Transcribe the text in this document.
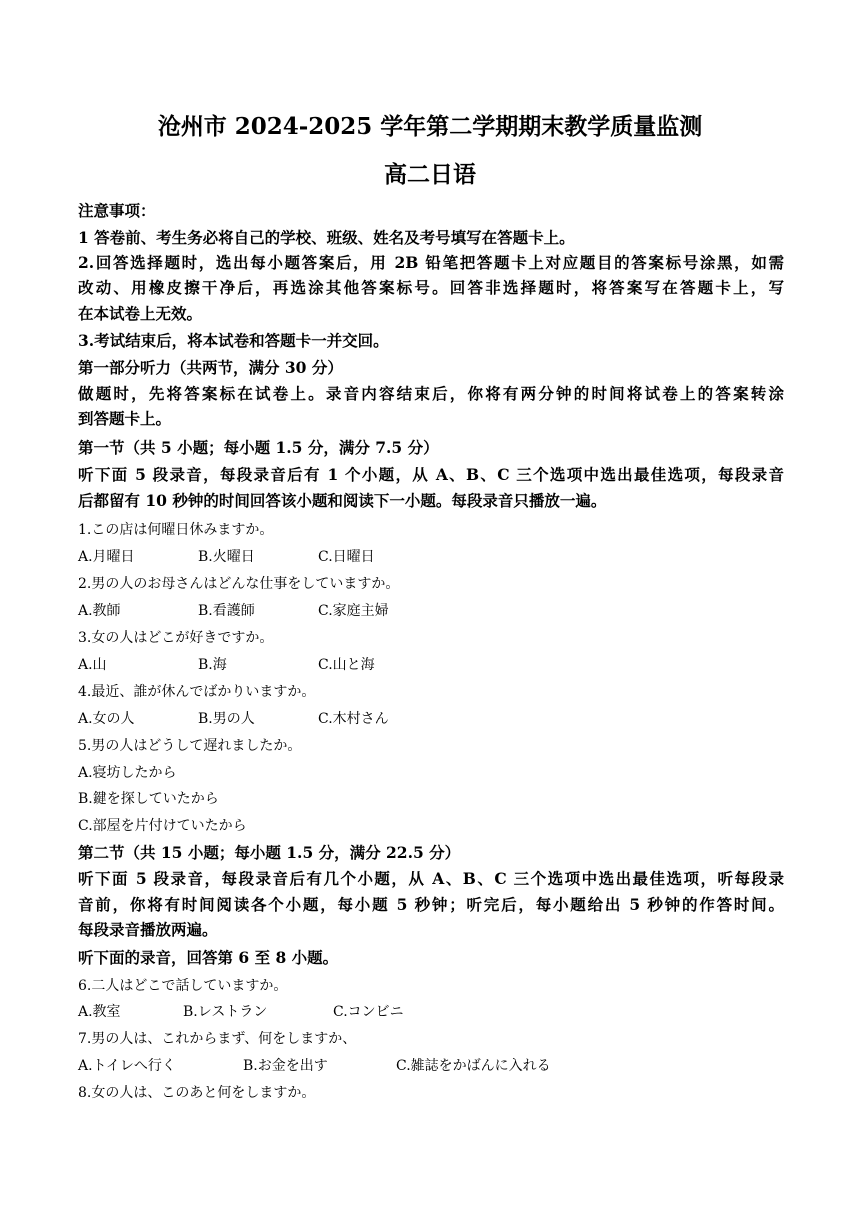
沧州市 2024-2025 学年第二学期期末教学质量监测
高二日语
注意事项：
1 答卷前、考生务必将自己的学校、班级、姓名及考号填写在答题卡上。
2.回答选择题时，选出每小题答案后，用 2B 铅笔把答题卡上对应题目的答案标号涂黑，如需
改动、用橡皮擦干净后，再选涂其他答案标号。回答非选择题时，将答案写在答题卡上，写
在本试卷上无效。
3.考试结束后，将本试卷和答题卡一并交回。
第一部分听力（共两节，满分 30 分）
做题时，先将答案标在试卷上。录音内容结束后，你将有两分钟的时间将试卷上的答案转涂
到答题卡上。
第一节（共 5 小题；每小题 1.5 分，满分 7.5 分）
听下面 5 段录音，每段录音后有 1 个小题，从 A、B、C 三个选项中选出最佳选项，每段录音
后都留有 10 秒钟的时间回答该小题和阅读下一小题。每段录音只播放一遍。
1.この店は何曜日休みますか。
A.月曜日	B.火曜日	C.日曜日
2.男の人のお母さんはどんな仕事をしていますか。
A.教師	B.看護師	C.家庭主婦
3.女の人はどこが好きですか。
A.山	B.海	C.山と海
4.最近、誰が休んでばかりいますか。
A.女の人	B.男の人	C.木村さん
5.男の人はどうして遅れましたか。
A.寝坊したから
B.鍵を探していたから
C.部屋を片付けていたから
第二节（共 15 小题；每小题 1.5 分，满分 22.5 分）
听下面 5 段录音，每段录音后有几个小题，从 A、B、C 三个选项中选出最佳选项，听每段录
音前，你将有时间阅读各个小题，每小题 5 秒钟；听完后，每小题给出 5 秒钟的作答时间。
每段录音播放两遍。
听下面的录音，回答第 6 至 8 小题。
6.二人はどこで話していますか。
A.教室	B.レストラン	C.コンビニ
7.男の人は、これからまず、何をしますか、
A.トイレへ行く	B.お金を出す	C.雑誌をかばんに入れる
8.女の人は、このあと何をしますか。
